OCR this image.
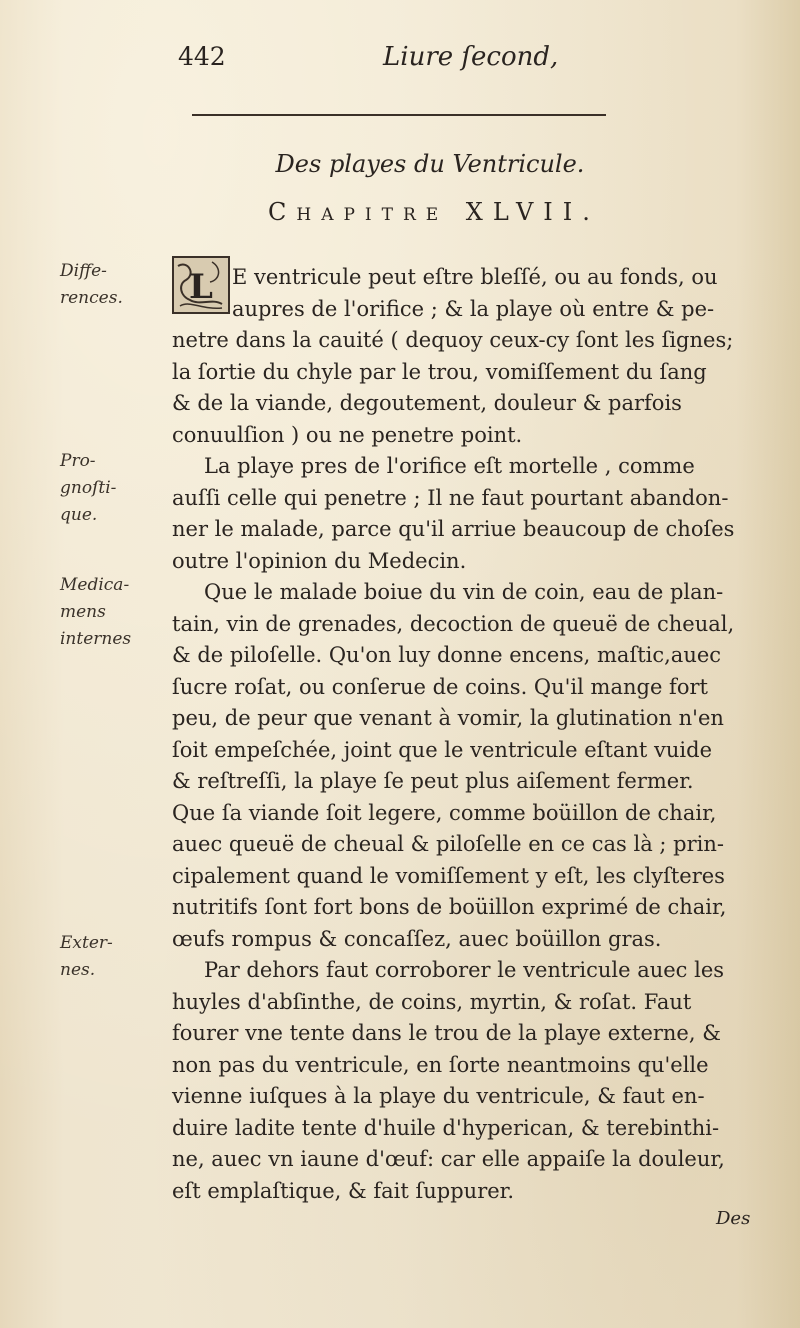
442	Liure ſecond,
Des playes du Ventricule.
Chapitre XLVII.
L
Diffe-
rences.
Pro-
gnoſti-
que.
Medica-
mens
internes
Exter-
nes.
E ventricule peut eſtre bleſſé, ou au fonds, ou
aupres de l'orifice ; & la playe où entre & pe-
netre dans la cauité ( dequoy ceux-cy ſont les ſignes;
la ſortie du chyle par le trou, vomiſſement du ſang
& de la viande, degoutement, douleur & parfois
conuulſion ) ou ne penetre point.
La playe pres de l'orifice eſt mortelle , comme
auſſi celle qui penetre ; Il ne faut pourtant abandon-
ner le malade, parce qu'il arriue beaucoup de choſes
outre l'opinion du Medecin.
Que le malade boiue du vin de coin, eau de plan-
tain, vin de grenades, decoction de queuë de cheual,
& de piloſelle. Qu'on luy donne encens, maſtic,auec
ſucre roſat, ou conſerue de coins. Qu'il mange fort
peu, de peur que venant à vomir, la glutination n'en
ſoit empeſchée, joint que le ventricule eſtant vuide
& reſtreſſi, la playe ſe peut plus aiſement fermer.
Que ſa viande ſoit legere, comme boüillon de chair,
auec queuë de cheual & piloſelle en ce cas là ; prin-
cipalement quand le vomiſſement y eſt, les clyſteres
nutritifs ſont fort bons de boüillon exprimé de chair,
œufs rompus & concaſſez, auec boüillon gras.
Par dehors faut corroborer le ventricule auec les
huyles d'abſinthe, de coins, myrtin, & roſat. Faut
fourer vne tente dans le trou de la playe externe, &
non pas du ventricule, en ſorte neantmoins qu'elle
vienne iuſques à la playe du ventricule, & faut en-
duire ladite tente d'huile d'hyperican, & terebinthi-
ne, auec vn iaune d'œuf: car elle appaiſe la douleur,
eſt emplaſtique, & fait ſuppurer.
Des
